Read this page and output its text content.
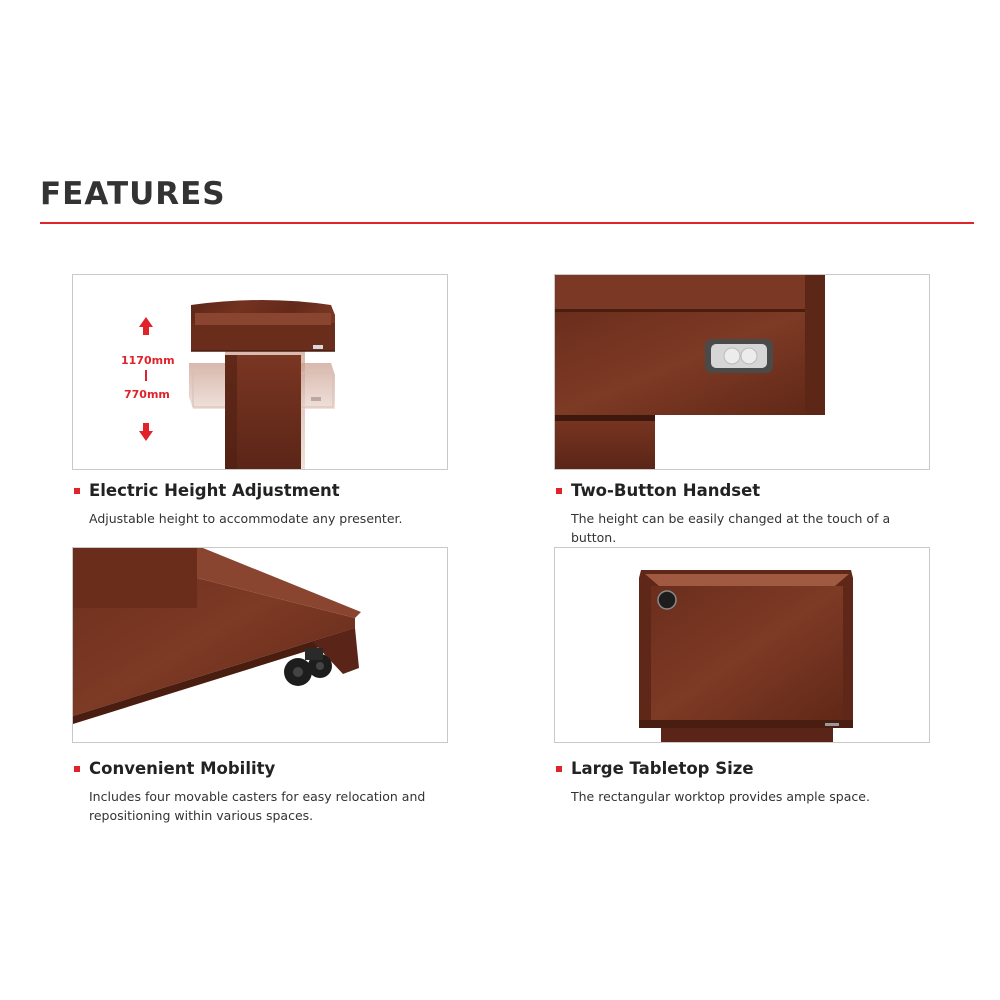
FEATURES
1170mm
770mm
Electric Height Adjustment
Adjustable height to accommodate any presenter.
Two-Button Handset
The height can be easily changed at the touch of a button.
Convenient Mobility
Includes four movable casters for easy relocation and repositioning within various spaces.
Large Tabletop Size
The rectangular worktop provides ample space.
